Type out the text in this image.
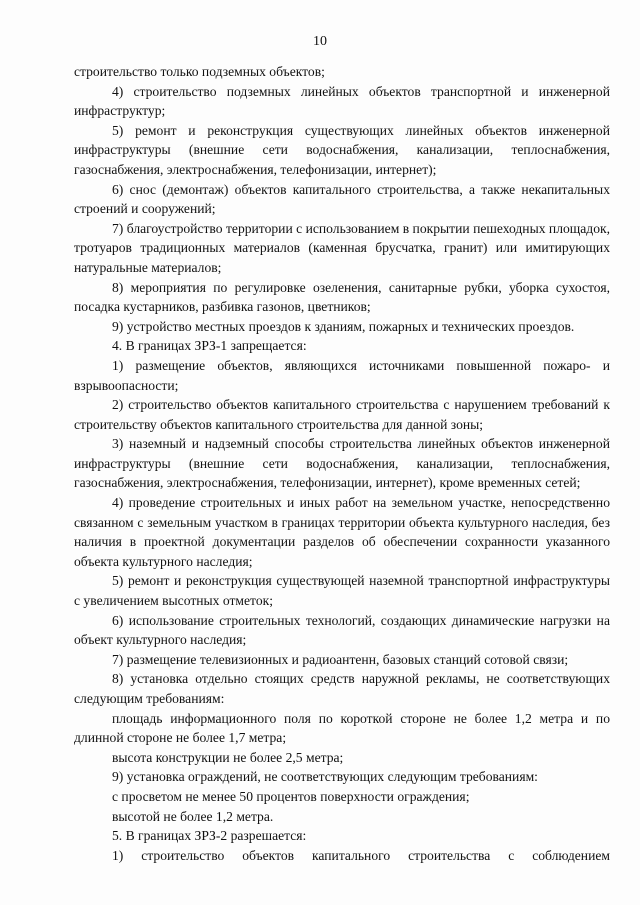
10

строительство только подземных объектов;

4) строительство подземных линейных объектов транспортной и инженерной инфраструктур;

5) ремонт и реконструкция существующих линейных объектов инженерной инфраструктуры (внешние сети водоснабжения, канализации, теплоснабжения, газоснабжения, электроснабжения, телефонизации, интернет);

6) снос (демонтаж) объектов капитального строительства, а также некапитальных строений и сооружений;

7) благоустройство территории с использованием в покрытии пешеходных площадок, тротуаров традиционных материалов (каменная брусчатка, гранит) или имитирующих натуральные материалов;

8) мероприятия по регулировке озеленения, санитарные рубки, уборка сухостоя, посадка кустарников, разбивка газонов, цветников;

9) устройство местных проездов к зданиям, пожарных и технических проездов.

4. В границах ЗРЗ-1 запрещается:

1) размещение объектов, являющихся источниками повышенной пожаро- и взрывоопасности;

2) строительство объектов капитального строительства с нарушением требований к строительству объектов капитального строительства для данной зоны;

3) наземный и надземный способы строительства линейных объектов инженерной инфраструктуры (внешние сети водоснабжения, канализации, теплоснабжения, газоснабжения, электроснабжения, телефонизации, интернет), кроме временных сетей;

4) проведение строительных и иных работ на земельном участке, непосредственно связанном с земельным участком в границах территории объекта культурного наследия, без наличия в проектной документации разделов об обеспечении сохранности указанного объекта культурного наследия;

5) ремонт и реконструкция существующей наземной транспортной инфраструктуры с увеличением высотных отметок;

6) использование строительных технологий, создающих динамические нагрузки на объект культурного наследия;

7) размещение телевизионных и радиоантенн, базовых станций сотовой связи;

8) установка отдельно стоящих средств наружной рекламы, не соответствующих следующим требованиям:

площадь информационного поля по короткой стороне не более 1,2 метра и по длинной стороне не более 1,7 метра;

высота конструкции не более 2,5 метра;

9) установка ограждений, не соответствующих следующим требованиям:

с просветом не менее 50 процентов поверхности ограждения;

высотой не более 1,2 метра.

5. В границах ЗРЗ-2 разрешается:

1) строительство объектов капитального строительства с соблюдением
